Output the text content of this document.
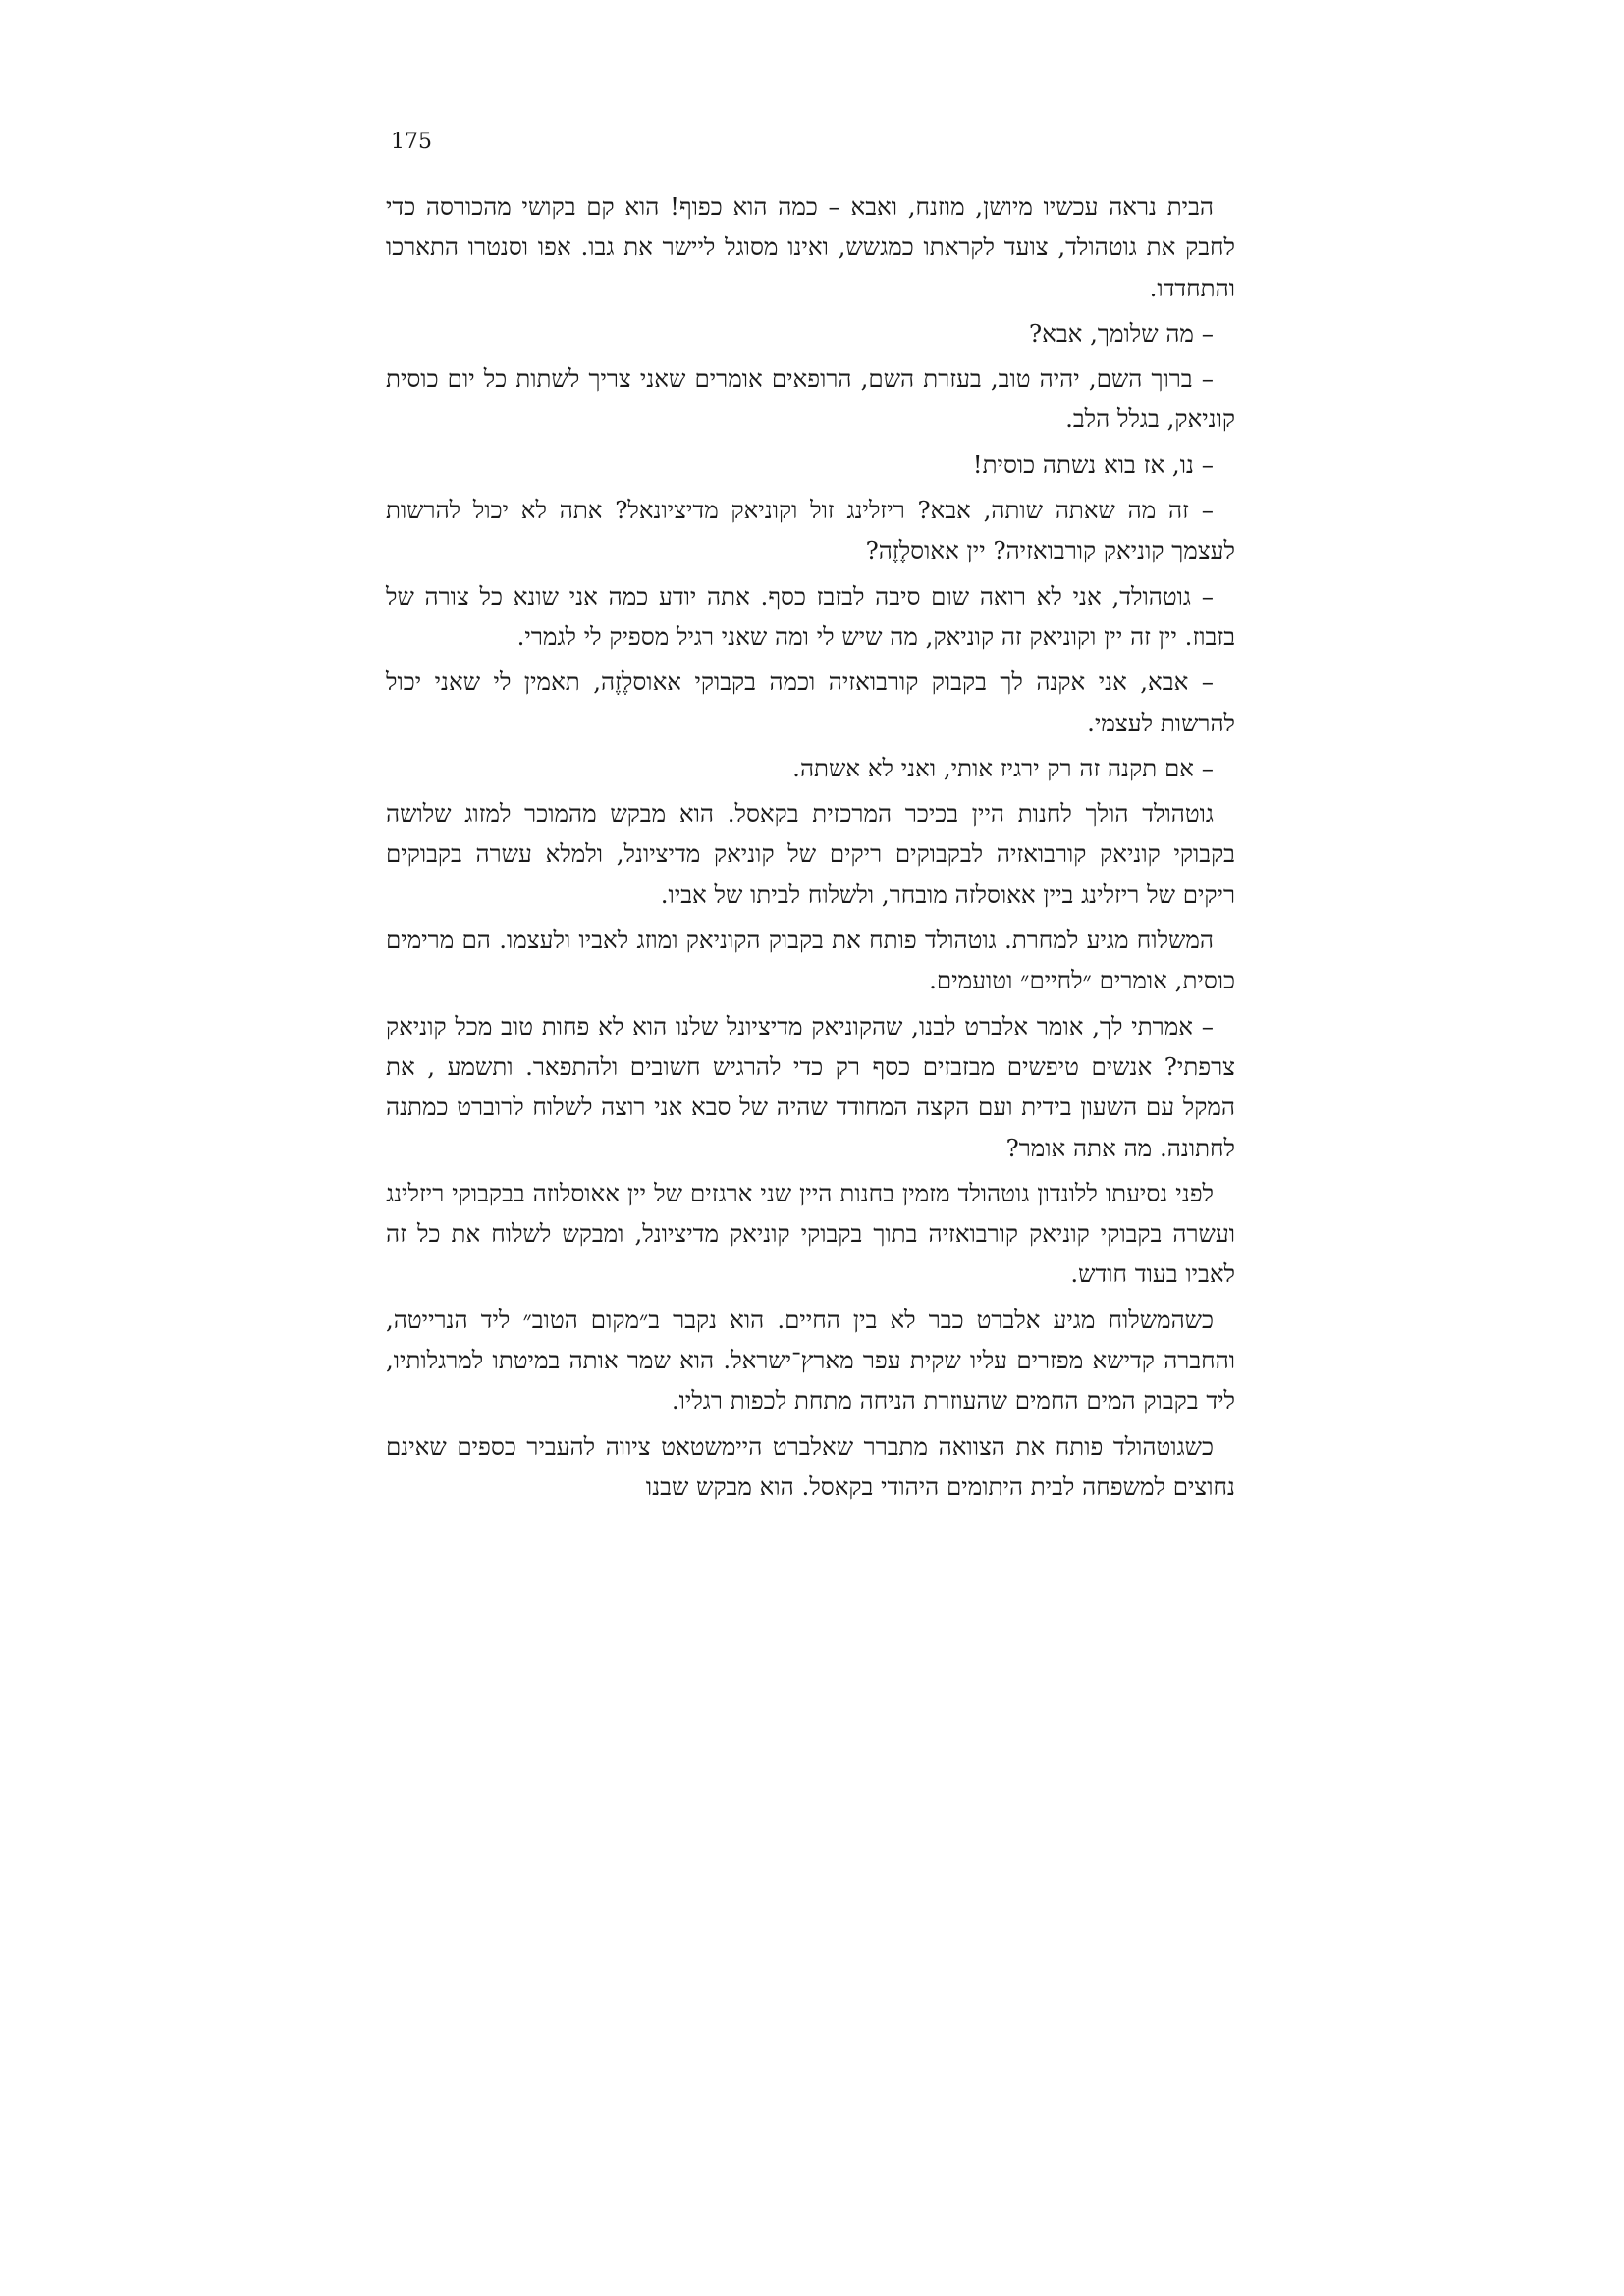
175

הבית נראה עכשיו מיושן, מוזנח, ואבא – כמה הוא כפוף! הוא קם בקושי מהכורסה כדי לחבק את גוטהולד, צועד לקראתו כמגשש, ואינו מסוגל ליישר את גבו. אפו וסנטרו התארכו והתחדדו.

– מה שלומך, אבא?

– ברוך השם, יהיה טוב, בעזרת השם, הרופאים אומרים שאני צריך לשתות כל יום כוסית קוניאק, בגלל הלב.

– נו, אז בוא נשתה כוסית!

– זה מה שאתה שותה, אבא? ריזלינג זול וקוניאק מדיציונאל? אתה לא יכול להרשות לעצמך קוניאק קורבואזיה? יין אאוסלֶזֶה?

– גוטהולד, אני לא רואה שום סיבה לבזבז כסף. אתה יודע כמה אני שונא כל צורה של בזבוז. יין זה יין וקוניאק זה קוניאק, מה שיש לי ומה שאני רגיל מספיק לי לגמרי.

– אבא, אני אקנה לך בקבוק קורבואזיה וכמה בקבוקי אאוסלֶזֶה, תאמין לי שאני יכול להרשות לעצמי.

– אם תקנה זה רק ירגיז אותי, ואני לא אשתה.

גוטהולד הולך לחנות היין בכיכר המרכזית בקאסל. הוא מבקש מהמוכר למזוג שלושה בקבוקי קוניאק קורבואזיה לבקבוקים ריקים של קוניאק מדיציונל, ולמלא עשרה בקבוקים ריקים של ריזלינג ביין אאוסלזה מובחר, ולשלוח לביתו של אביו.

המשלוח מגיע למחרת. גוטהולד פותח את בקבוק הקוניאק ומוזג לאביו ולעצמו. הם מרימים כוסית, אומרים ״לחיים״ וטועמים.

– אמרתי לך, אומר אלברט לבנו, שהקוניאק מדיציונל שלנו הוא לא פחות טוב מכל קוניאק צרפתי? אנשים טיפשים מבזבזים כסף רק כדי להרגיש חשובים ולהתפאר. ותשמע , את המקל עם השעון בידית ועם הקצה המחודד שהיה של סבא אני רוצה לשלוח לרוברט כמתנה לחתונה. מה אתה אומר?

לפני נסיעתו ללונדון גוטהולד מזמין בחנות היין שני ארגזים של יין אאוסלוזה בבקבוקי ריזלינג ועשרה בקבוקי קוניאק קורבואזיה בתוך בקבוקי קוניאק מדיציונל, ומבקש לשלוח את כל זה לאביו בעוד חודש.

כשהמשלוח מגיע אלברט כבר לא בין החיים. הוא נקבר ב״מקום הטוב״ ליד הנרייטה, והחברה קדישא מפזרים עליו שקית עפר מארץ־ישראל. הוא שמר אותה במיטתו למרגלותיו, ליד בקבוק המים החמים שהעוזרת הניחה מתחת לכפות רגליו.

כשגוטהולד פותח את הצוואה מתברר שאלברט היימשטאט ציווה להעביר כספים שאינם נחוצים למשפחה לבית היתומים היהודי בקאסל. הוא מבקש שבנו
